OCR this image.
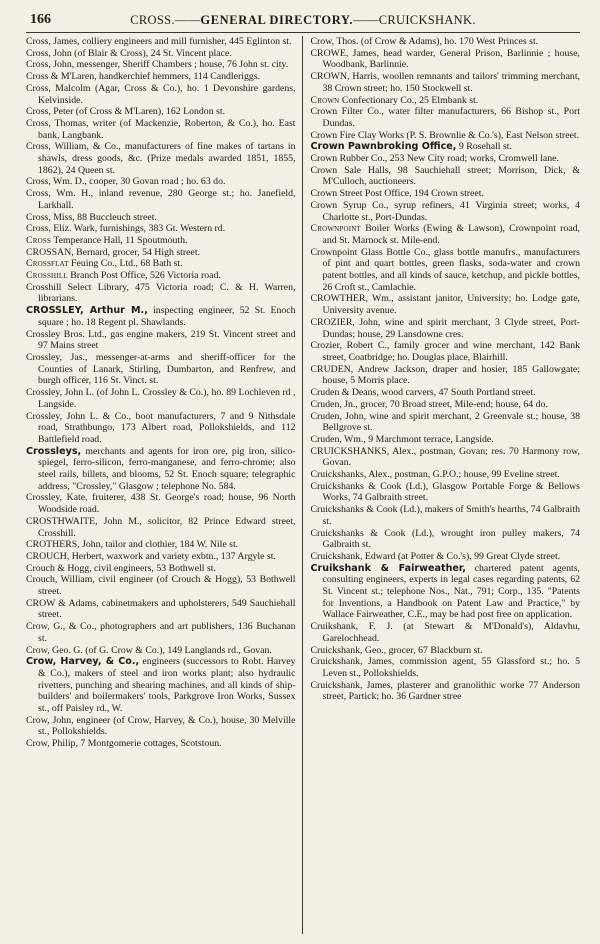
166	CROSS.——GENERAL DIRECTORY.——CRUICKSHANK.

Cross, James, colliery engineers and mill furnisher, 445 Eglinton st.

Cross, John (of Blair & Cross), 24 St. Vincent place.

Cross, John, messenger, Sheriff Chambers ; house, 76 John st. city.

Cross & M'Laren, handkerchief hemmers, 114 Candleriggs.

Cross, Malcolm (Agar, Cross & Co.), ho. 1 Devonshire gardens, Kelvinside.

Cross, Peter (of Cross & M'Laren), 162 London st.

Cross, Thomas, writer (of Mackenzie, Roberton, & Co.), ho. East bank, Langbank.

Cross, William, & Co., manufacturers of fine makes of tartans in shawls, dress goods, &c. (Prize medals awarded 1851, 1855, 1862), 24 Queen st.

Cross, Wm. D., cooper, 30 Govan road ; ho. 63 do.

Cross, Wm. H., inland revenue, 280 George st.; ho. Janefield, Larkhall.

Cross, Miss, 88 Buccleuch street.

Cross, Eliz. Wark, furnishings, 383 Gt. Western rd.

Cross Temperance Hall, 11 Spoutmouth.

CROSSAN, Bernard, grocer, 54 High street.

Crossflat Feuing Co., Ltd., 68 Bath st.

Crosshill Branch Post Office, 526 Victoria road.

Crosshill Select Library, 475 Victoria road; C. & H. Warren, librarians.

CROSSLEY, Arthur M., inspecting engineer, 52 St. Enoch square ; ho. 18 Regent pl. Shawlands.

Crossley Bros. Ltd., gas engine makers, 219 St. Vincent street and 97 Mains street

Crossley, Jas., messenger-at-arms and sheriff-officer for the Counties of Lanark, Stirling, Dumbarton, and Renfrew, and burgh officer, 116 St. Vinct. st.

Crossley, John L. (of John L. Crossley & Co.), ho. 89 Lochleven rd , Langside.

Crossley, John L. & Co., boot manufacturers, 7 and 9 Nithsdale road, Strathbungo, 173 Albert road, Pollokshields, and 112 Battlefield road.

Crossleys, merchants and agents for iron ore, pig iron, silico-spiegel, ferro-silicon, ferro-manganese, and ferro-chrome; also steel rails, billets, and blooms, 52 St. Enoch square; telegraphic address, "Crossley," Glasgow ; telephone No. 584.

Crossley, Kate, fruiterer, 438 St. George's road; house, 96 North Woodside road.

CROSTHWAITE, John M., solicitor, 82 Prince Edward street, Crosshill.

CROTHERS, John, tailor and clothier, 184 W. Nile st.

CROUCH, Herbert, waxwork and variety exbtn., 137 Argyle st.

Crouch & Hogg, civil engineers, 53 Bothwell st.

Crouch, William, civil engineer (of Crouch & Hogg), 53 Bothwell street.

CROW & Adams, cabinetmakers and upholsterers, 549 Sauchiehall street.

Crow, G., & Co., photographers and art publishers, 136 Buchanan st.

Crow, Geo. G. (of G. Crow & Co.), 149 Langlands rd., Govan.

Crow, Harvey, & Co., engineers (successors to Robt. Harvey & Co.), makers of steel and iron works plant; also hydraulic rivetters, punching and shearing machines, and all kinds of ship-builders' and boilermakers' tools, Parkgrove Iron Works, Sussex st., off Paisley rd., W.

Crow, John, engineer (of Crow, Harvey, & Co.), house, 30 Melville st., Pollokshields.

Crow, Philip, 7 Montgomerie cottages, Scotstoun.

Crow, Thos. (of Crow & Adams), ho. 170 West Princes st.

CROWE, James, head warder, General Prison, Barlinnie ; house, Woodbank, Barlinnie.

CROWN, Harris, woollen remnants and tailors' trimming merchant, 38 Crown street; ho. 150 Stockwell st.

Crown Confectionary Co., 25 Elmbank st.

Crown Filter Co., water filter manufacturers, 66 Bishop st., Port Dundas.

Crown Fire Clay Works (P. S. Brownlie & Co.'s), East Nelson street.

Crown Pawnbroking Office, 9 Rosehall st.

Crown Rubber Co., 253 New City road; works, Cromwell lane.

Crown Sale Halls, 98 Sauchiehall street; Morrison, Dick, & M'Culloch, auctioneers.

Crown Street Post Office, 194 Crown street.

Crown Syrup Co., syrup refiners, 41 Virginia street; works, 4 Charlotte st., Port-Dundas.

Crownpoint Boiler Works (Ewing & Lawson), Crownpoint road, and St. Marnock st. Mile-end.

Crownpoint Glass Bottle Co., glass bottle manufrs., manufacturers of pint and quart bottles, green flasks, soda-water and crown patent bottles, and all kinds of sauce, ketchup, and pickle bottles, 26 Croft st., Camlachie.

CROWTHER, Wm., assistant janitor, University; ho. Lodge gate, University avenue.

CROZIER, John, wine and spirit merchant, 3 Clyde street, Port-Dundas; house, 29 Lansdowne cres.

Crozier, Robert C., family grocer and wine merchant, 142 Bank street, Coatbridge; ho. Douglas place, Blairhill.

CRUDEN, Andrew Jackson, draper and hosier, 185 Gallowgate; house, 5 Morris place.

Cruden & Deans, wood carvers, 47 South Portland street.

Cruden, Jn., grocer, 70 Broad street, Mile-end; house, 64 do.

Cruden, John, wine and spirit merchant, 2 Greenvale st.; house, 38 Bellgrove st.

Cruden, Wm., 9 Marchmont terrace, Langside.

CRUICKSHANKS, Alex., postman, Govan; res. 70 Harmony row, Govan.

Cruickshanks, Alex., postman, G.P.O.; house, 99 Eveline street.

Cruickshanks & Cook (Ld.), Glasgow Portable Forge & Bellows Works, 74 Galbraith street.

Cruickshanks & Cook (Ld.), makers of Smith's hearths, 74 Galbraith st.

Cruickshanks & Cook (Ld.), wrought iron pulley makers, 74 Galbraith st.

Cruickshank, Edward (at Potter & Co.'s), 99 Great Clyde street.

Cruikshank & Fairweather, chartered patent agents, consulting engineers, experts in legal cases regarding patents, 62 St. Vincent st.; telephone Nos., Nat., 791; Corp., 135. "Patents for Inventions, a Handbook on Patent Law and Practice," by Wallace Fairweather, C.E., may be had post free on application.

Cruikshank, F. J. (at Stewart & M'Donald's), Aldavhu, Garelochhead.

Cruickshank, Geo., grocer, 67 Blackburn st.

Cruickshank, James, commission agent, 55 Glassford st.; ho. 5 Leven st., Pollokshields.

Cruickshank, James, plasterer and granolithic worke 77 Anderson street, Partick; ho. 36 Gardner stree
